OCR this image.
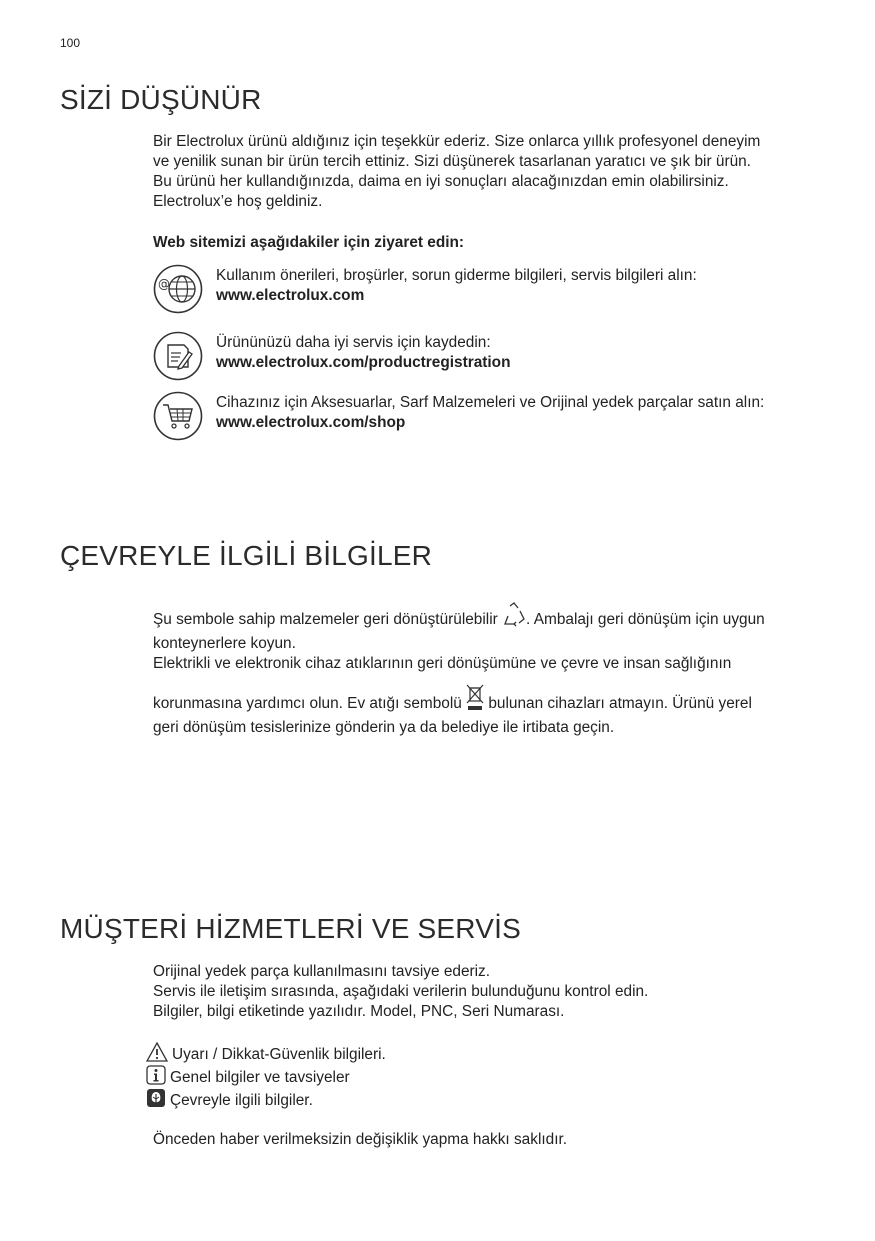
100
SİZİ DÜŞÜNÜR

Bir Electrolux ürünü aldığınız için teşekkür ederiz. Size onlarca yıllık profesyonel deneyim

ve yenilik sunan bir ürün tercih ettiniz. Sizi düşünerek tasarlanan yaratıcı ve şık bir ürün.

Bu ürünü her kullandığınızda, daima en iyi sonuçları alacağınızdan emin olabilirsiniz.

Electrolux’e hoş geldiniz.

Web sitemizi aşağıdakiler için ziyaret edin:
@	Kullanım önerileri, broşürler, sorun giderme bilgileri, servis bilgileri alın:
www.electrolux.com
Ürününüzü daha iyi servis için kaydedin:
www.electrolux.com/productregistration
Cihazınız için Aksesuarlar, Sarf Malzemeleri ve Orijinal yedek parçalar satın alın:
www.electrolux.com/shop
ÇEVREYLE İLGİLİ BİLGİLER

Şu sembole sahip malzemeler geri dönüştürülebilir . Ambalajı geri dönüşüm için uygun

konteynerlere koyun.

Elektrikli ve elektronik cihaz atıklarının geri dönüşümüne ve çevre ve insan sağlığının

korunmasına yardımcı olun. Ev atığı sembolü bulunan cihazları atmayın. Ürünü yerel

geri dönüşüm tesislerinize gönderin ya da belediye ile irtibata geçin.

MÜŞTERİ HİZMETLERİ VE SERVİS

Orijinal yedek parça kullanılmasını tavsiye ederiz.

Servis ile iletişim sırasında, aşağıdaki verilerin bulunduğunu kontrol edin.

Bilgiler, bilgi etiketinde yazılıdır. Model, PNC, Seri Numarası.

Uyarı / Dikkat-Güvenlik bilgileri.
Genel bilgiler ve tavsiyeler
Çevreyle ilgili bilgiler.
Önceden haber verilmeksizin değişiklik yapma hakkı saklıdır.
